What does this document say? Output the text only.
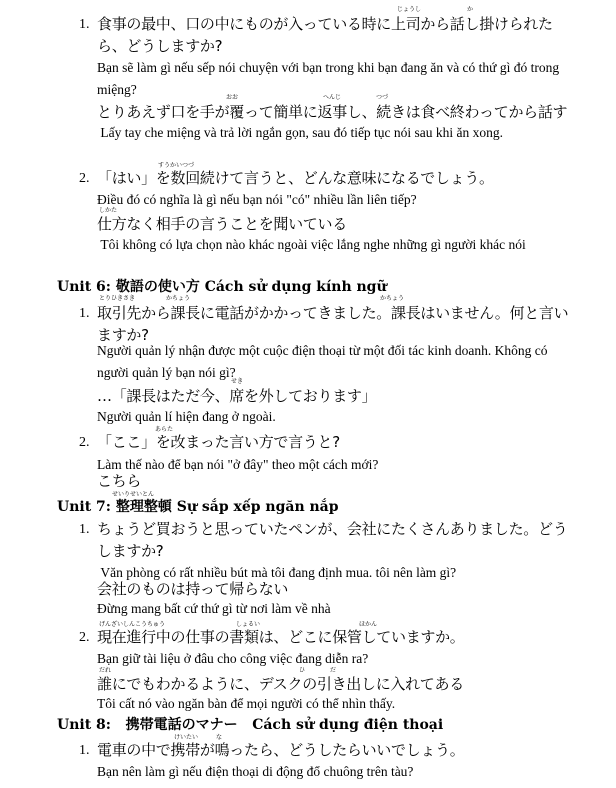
じょうし	か
1. 食事の最中、口の中にものが入っている時に上司から話し掛けられたら、どうしますか?
Bạn sẽ làm gì nếu sếp nói chuyện với bạn trong khi bạn đang ăn và có thứ gì đó trong miệng?
おお	へんじ	つづ
とりあえず口を手が覆って簡単に返事し、続きは食べ終わってから話す
Lấy tay che miệng và trả lời ngắn gọn, sau đó tiếp tục nói sau khi ăn xong.
すうかいつづ
2. 「はい」を数回続けて言うと、どんな意味になるでしょう。
Điều đó có nghĩa là gì nếu bạn nói "có" nhiều lần liên tiếp?
しかた
仕方なく相手の言うことを聞いている
Tôi không có lựa chọn nào khác ngoài việc lắng nghe những gì người khác nói
Unit 6: 敬語の使い方 Cách sử dụng kính ngữ
とりひきさき	かちょう	かちょう
1. 取引先から課長に電話がかかってきました。課長はいません。何と言いますか?
Người quản lý nhận được một cuộc điện thoại từ một đối tác kinh doanh. Không có người quản lý bạn nói gì?
せき
…「課長はただ今、席を外しております」
Người quản lí hiện đang ở ngoài.
あらた
2. 「ここ」を改まった言い方で言うと?
Làm thế nào để bạn nói "ở đây" theo một cách mới?
こちら
せいりせいとん
Unit 7: 整理整頓 Sự sắp xếp ngăn nắp
1. ちょうど買おうと思っていたペンが、会社にたくさんありました。どうしますか?
Văn phòng có rất nhiều bút mà tôi đang định mua. tôi nên làm gì?
会社のものは持って帰らない
Đừng mang bất cứ thứ gì từ nơi làm về nhà
げんざいしんこうちゅう	しょるい	ほかん
2. 現在進行中の仕事の書類は、どこに保管していますか。
Bạn giữ tài liệu ở đâu cho công việc đang diễn ra?
だれ	ひ	だ
誰にでもわかるように、デスクの引き出しに入れてある
Tôi cất nó vào ngăn bàn để mọi người có thể nhìn thấy.
Unit 8: 携帯電話のマナー Cách sử dụng điện thoại
けいたい	な
1. 電車の中で携帯が鳴ったら、どうしたらいいでしょう。
Bạn nên làm gì nếu điện thoại di động đổ chuông trên tàu?
